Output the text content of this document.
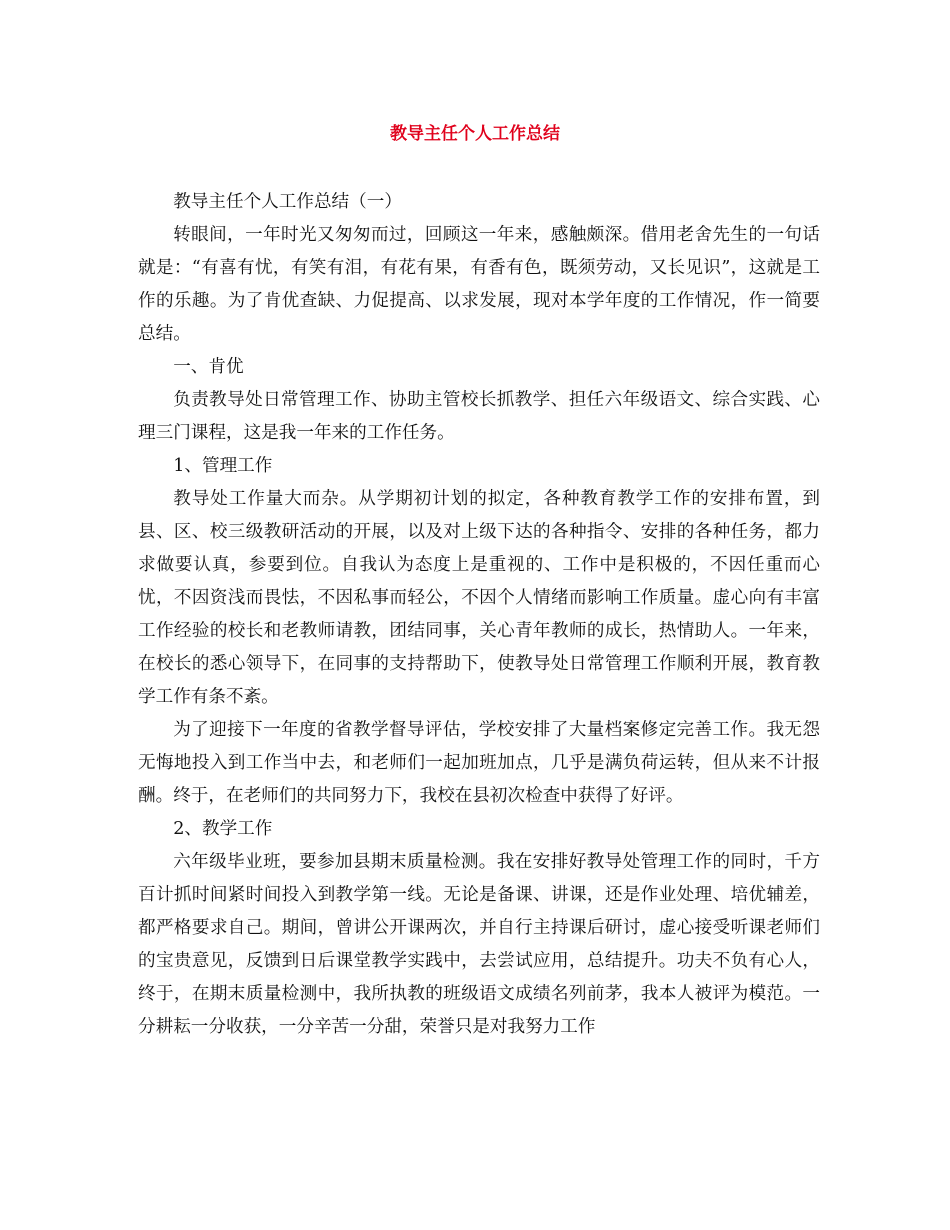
教导主任个人工作总结

教导主任个人工作总结（一）

转眼间，一年时光又匆匆而过，回顾这一年来，感触颇深。借用老舍先生的一句话就是：“有喜有忧，有笑有泪，有花有果，有香有色，既须劳动，又长见识”，这就是工作的乐趣。为了肯优查缺、力促提高、以求发展，现对本学年度的工作情况，作一简要总结。

一、肯优

负责教导处日常管理工作、协助主管校长抓教学、担任六年级语文、综合实践、心理三门课程，这是我一年来的工作任务。

1、管理工作

教导处工作量大而杂。从学期初计划的拟定，各种教育教学工作的安排布置，到县、区、校三级教研活动的开展，以及对上级下达的各种指令、安排的各种任务，都力求做要认真，参要到位。自我认为态度上是重视的、工作中是积极的，不因任重而心忧，不因资浅而畏怯，不因私事而轻公，不因个人情绪而影响工作质量。虚心向有丰富工作经验的校长和老教师请教，团结同事，关心青年教师的成长，热情助人。一年来，在校长的悉心领导下，在同事的支持帮助下，使教导处日常管理工作顺利开展，教育教学工作有条不紊。

为了迎接下一年度的省教学督导评估，学校安排了大量档案修定完善工作。我无怨无悔地投入到工作当中去，和老师们一起加班加点，几乎是满负荷运转，但从来不计报酬。终于，在老师们的共同努力下，我校在县初次检查中获得了好评。

2、教学工作

六年级毕业班，要参加县期末质量检测。我在安排好教导处管理工作的同时，千方百计抓时间紧时间投入到教学第一线。无论是备课、讲课，还是作业处理、培优辅差，都严格要求自己。期间，曾讲公开课两次，并自行主持课后研讨，虚心接受听课老师们的宝贵意见，反馈到日后课堂教学实践中，去尝试应用，总结提升。功夫不负有心人，终于，在期末质量检测中，我所执教的班级语文成绩名列前茅，我本人被评为模范。一分耕耘一分收获，一分辛苦一分甜，荣誉只是对我努力工作
